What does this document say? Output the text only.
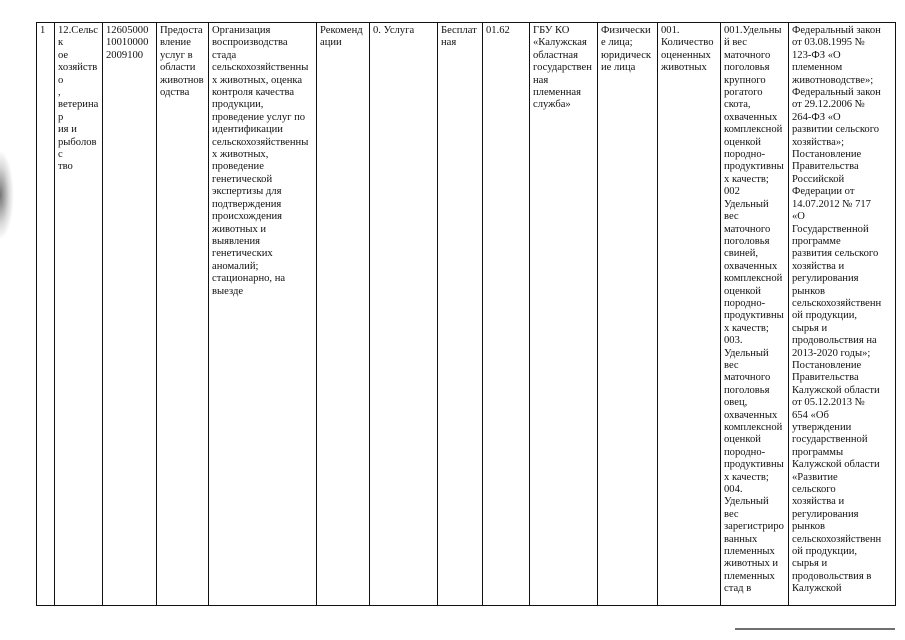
1	12.Сельск
ое
хозяйство
,
ветеринар
ия и
рыболовс
тво	12605000
10010000
2009100	Предоста
вление
услуг в
области
животнов
одства	Организация
воспроизводства
стада
сельскохозяйственны
х животных, оценка
контроля качества
продукции,
проведение услуг по
идентификации
сельскохозяйственны
х животных,
проведение
генетической
экспертизы для
подтверждения
происхождения
животных и
выявления
генетических
аномалий;
стационарно, на
выезде	Рекоменд
ации	0. Услуга	Бесплат
ная	01.62	ГБУ КО
«Калужская
областная
государствен
ная
племенная
служба»	Физически
е лица;
юридическ
ие лица	001.
Количество
оцененных
животных	001.Удельны
й вес
маточного
поголовья
крупного
рогатого
скота,
охваченных
комплексной
оценкой
породно-
продуктивны
х качеств;
002
Удельный
вес
маточного
поголовья
свиней,
охваченных
комплексной
оценкой
породно-
продуктивны
х качеств;
003.
Удельный
вес
маточного
поголовья
овец,
охваченных
комплексной
оценкой
породно-
продуктивны
х качеств;
004.
Удельный
вес
зарегистриро
ванных
племенных
животных и
племенных
стад в	Федеральный закон
от 03.08.1995 №
123-ФЗ «О
племенном
животноводстве»;
Федеральный закон
от 29.12.2006 №
264-ФЗ «О
развитии сельского
хозяйства»;
Постановление
Правительства
Российской
Федерации от
14.07.2012 № 717
«О
Государственной
программе
развития сельского
хозяйства и
регулирования
рынков
сельскохозяйственн
ой продукции,
сырья и
продовольствия на
2013-2020 годы»;
Постановление
Правительства
Калужской области
от 05.12.2013 №
654 «Об
утверждении
государственной
программы
Калужской области
«Развитие
сельского
хозяйства и
регулирования
рынков
сельскохозяйственн
ой продукции,
сырья и
продовольствия в
Калужской
